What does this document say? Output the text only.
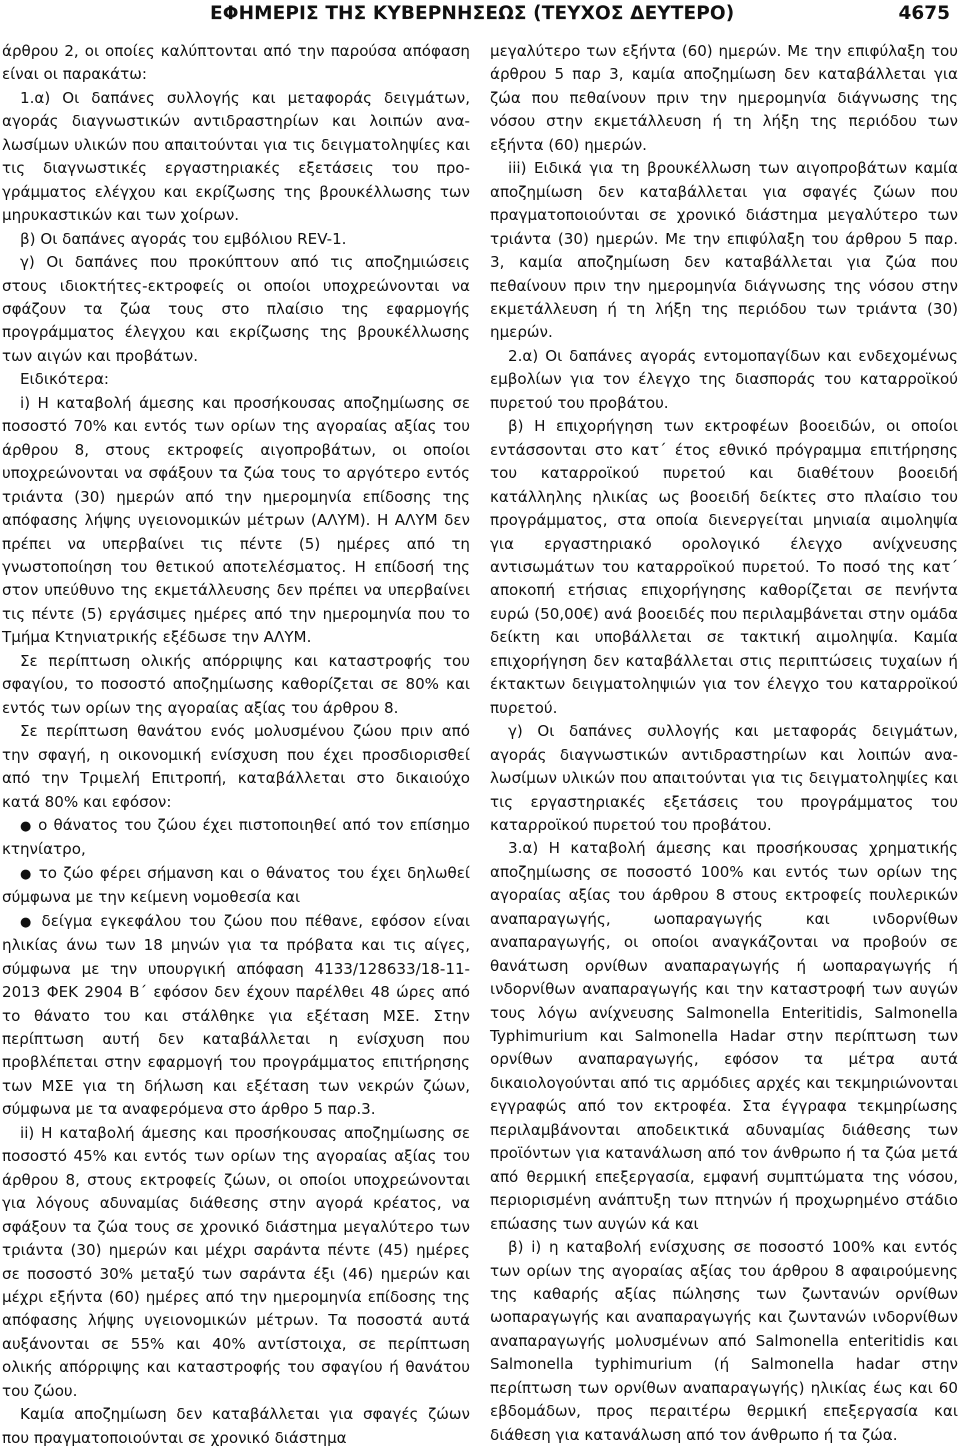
ΕΦΗΜΕΡΙΣ ΤΗΣ ΚΥΒΕΡΝΗΣΕΩΣ (ΤΕΥΧΟΣ ΔΕΥΤΕΡΟ)	4675

άρθρου 2, οι οποίες καλύπτονται από την παρούσα απόφαση είναι οι παρακάτω:

1.α) Οι δαπάνες συλλογής και μεταφοράς δειγμάτων, αγοράς διαγνωστικών αντιδραστηρίων και λοιπών αναλωσίμων υλικών που απαιτούνται για τις δειγματοληψίες και τις διαγνωστικές εργαστηριακές εξετάσεις του προγράμματος ελέγχου και εκρίζωσης της βρουκέλλωσης των μηρυκαστικών και των χοίρων.

β) Οι δαπάνες αγοράς του εμβόλιου REV-1.

γ) Οι δαπάνες που προκύπτουν από τις αποζημιώσεις στους ιδιοκτήτες-εκτροφείς οι οποίοι υποχρεώνονται να σφάζουν τα ζώα τους στο πλαίσιο της εφαρμογής προγράμματος έλεγχου και εκρίζωσης της βρουκέλλωσης των αιγών και προβάτων.

Ειδικότερα:

i) Η καταβολή άμεσης και προσήκουσας αποζημίωσης σε ποσοστό 70% και εντός των ορίων της αγοραίας αξίας του άρθρου 8, στους εκτροφείς αιγοπροβάτων, οι οποίοι υποχρεώνονται να σφάξουν τα ζώα τους το αργότερο εντός τριάντα (30) ημερών από την ημερομηνία επίδοσης της απόφασης λήψης υγειονομικών μέτρων (ΑΛΥΜ). Η ΑΛΥΜ δεν πρέπει να υπερβαίνει τις πέντε (5) ημέρες από τη γνωστοποίηση του θετικού αποτελέσματος. Η επίδοσή της στον υπεύθυνο της εκμετάλλευσης δεν πρέπει να υπερβαίνει τις πέντε (5) εργάσιμες ημέρες από την ημερομηνία που το Τμήμα Κτηνιατρικής εξέδωσε την ΑΛΥΜ.

Σε περίπτωση ολικής απόρριψης και καταστροφής του σφαγίου, το ποσοστό αποζημίωσης καθορίζεται σε 80% και εντός των ορίων της αγοραίας αξίας του άρθρου 8.

Σε περίπτωση θανάτου ενός μολυσμένου ζώου πριν από την σφαγή, η οικονομική ενίσχυση που έχει προσδιορισθεί από την Τριμελή Επιτροπή, καταβάλλεται στο δικαιούχο κατά 80% και εφόσον:

● ο θάνατος του ζώου έχει πιστοποιηθεί από τον επίσημο κτηνίατρο,

● το ζώο φέρει σήμανση και ο θάνατος του έχει δηλωθεί σύμφωνα με την κείμενη νομοθεσία και

● δείγμα εγκεφάλου του ζώου που πέθανε, εφόσον είναι ηλικίας άνω των 18 μηνών για τα πρόβατα και τις αίγες, σύμφωνα με την υπουργική απόφαση 4133/128633/18-11-2013 ΦΕΚ 2904 Β΄ εφόσον δεν έχουν παρέλθει 48 ώρες από το θάνατο του και στάλθηκε για εξέταση ΜΣΕ. Στην περίπτωση αυτή δεν καταβάλλεται η ενίσχυση που προβλέπεται στην εφαρμογή του προγράμματος επιτήρησης των ΜΣΕ για τη δήλωση και εξέταση των νεκρών ζώων, σύμφωνα με τα αναφερόμενα στο άρθρο 5 παρ.3.

ii) Η καταβολή άμεσης και προσήκουσας αποζημίωσης σε ποσοστό 45% και εντός των ορίων της αγοραίας αξίας του άρθρου 8, στους εκτροφείς ζώων, οι οποίοι υποχρεώνονται για λόγους αδυναμίας διάθεσης στην αγορά κρέατος, να σφάξουν τα ζώα τους σε χρονικό διάστημα μεγαλύτερο των τριάντα (30) ημερών και μέχρι σαράντα πέντε (45) ημέρες σε ποσοστό 30% μεταξύ των σαράντα έξι (46) ημερών και μέχρι εξήντα (60) ημέρες από την ημερομηνία επίδοσης της απόφασης λήψης υγειονομικών μέτρων. Τα ποσοστά αυτά αυξάνονται σε 55% και 40% αντίστοιχα, σε περίπτωση ολικής απόρριψης και καταστροφής του σφαγίου ή θανάτου του ζώου.

Καμία αποζημίωση δεν καταβάλλεται για σφαγές ζώων που πραγματοποιούνται σε χρονικό διάστημα

μεγαλύτερο των εξήντα (60) ημερών. Με την επιφύλαξη του άρθρου 5 παρ 3, καμία αποζημίωση δεν καταβάλλεται για ζώα που πεθαίνουν πριν την ημερομηνία διάγνωσης της νόσου στην εκμετάλλευση ή τη λήξη της περιόδου των εξήντα (60) ημερών.

iii) Ειδικά για τη βρουκέλλωση των αιγοπροβάτων καμία αποζημίωση δεν καταβάλλεται για σφαγές ζώων που πραγματοποιούνται σε χρονικό διάστημα μεγαλύτερο των τριάντα (30) ημερών. Με την επιφύλαξη του άρθρου 5 παρ. 3, καμία αποζημίωση δεν καταβάλλεται για ζώα που πεθαίνουν πριν την ημερομηνία διάγνωσης της νόσου στην εκμετάλλευση ή τη λήξη της περιόδου των τριάντα (30) ημερών.

2.α) Οι δαπάνες αγοράς εντομοπαγίδων και ενδεχομένως εμβολίων για τον έλεγχο της διασποράς του καταρροϊκού πυρετού του προβάτου.

β) Η επιχορήγηση των εκτροφέων βοοειδών, οι οποίοι εντάσσονται στο κατ΄ έτος εθνικό πρόγραμμα επιτήρησης του καταρροϊκού πυρετού και διαθέτουν βοοειδή κατάλληλης ηλικίας ως βοοειδή δείκτες στο πλαίσιο του προγράμματος, στα οποία διενεργείται μηνιαία αιμοληψία για εργαστηριακό ορολογικό έλεγχο ανίχνευσης αντισωμάτων του καταρροϊκού πυρετού. Το ποσό της κατ΄ αποκοπή ετήσιας επιχορήγησης καθορίζεται σε πενήντα ευρώ (50,00€) ανά βοοειδές που περιλαμβάνεται στην ομάδα δείκτη και υποβάλλεται σε τακτική αιμοληψία. Καμία επιχορήγηση δεν καταβάλλεται στις περιπτώσεις τυχαίων ή έκτακτων δειγματοληψιών για τον έλεγχο του καταρροϊκού πυρετού.

γ) Οι δαπάνες συλλογής και μεταφοράς δειγμάτων, αγοράς διαγνωστικών αντιδραστηρίων και λοιπών αναλωσίμων υλικών που απαιτούνται για τις δειγματοληψίες και τις εργαστηριακές εξετάσεις του προγράμματος του καταρροϊκού πυρετού του προβάτου.

3.α) Η καταβολή άμεσης και προσήκουσας χρηματικής αποζημίωσης σε ποσοστό 100% και εντός των ορίων της αγοραίας αξίας του άρθρου 8 στους εκτροφείς πουλερικών αναπαραγωγής, ωοπαραγωγής και ινδορνίθων αναπαραγωγής, οι οποίοι αναγκάζονται να προβούν σε θανάτωση ορνίθων αναπαραγωγής ή ωοπαραγωγής ή ινδορνίθων αναπαραγωγής και την καταστροφή των αυγών τους λόγω ανίχνευσης Salmonella Enteritidis, Salmonella Typhimurium και Salmonella Hadar στην περίπτωση των ορνίθων αναπαραγωγής, εφόσον τα μέτρα αυτά δικαιολογούνται από τις αρμόδιες αρχές και τεκμηριώνονται εγγραφώς από τον εκτροφέα. Στα έγγραφα τεκμηρίωσης περιλαμβάνονται αποδεικτικά αδυναμίας διάθεσης των προϊόντων για κατανάλωση από τον άνθρωπο ή τα ζώα μετά από θερμική επεξεργασία, εμφανή συμπτώματα της νόσου, περιορισμένη ανάπτυξη των πτηνών ή προχωρημένο στάδιο επώασης των αυγών κά και

β) i) η καταβολή ενίσχυσης σε ποσοστό 100% και εντός των ορίων της αγοραίας αξίας του άρθρου 8 αφαιρούμενης της καθαρής αξίας πώλησης των ζωντανών ορνίθων ωοπαραγωγής και αναπαραγωγής και ζωντανών ινδορνίθων αναπαραγωγής μολυσμένων από Salmonella enteritidis και Salmonella typhimurium (ή Salmonella hadar στην περίπτωση των ορνίθων αναπαραγωγής) ηλικίας έως και 60 εβδομάδων, προς περαιτέρω θερμική επεξεργασία και διάθεση για κατανάλωση από τον άνθρωπο ή τα ζώα.
